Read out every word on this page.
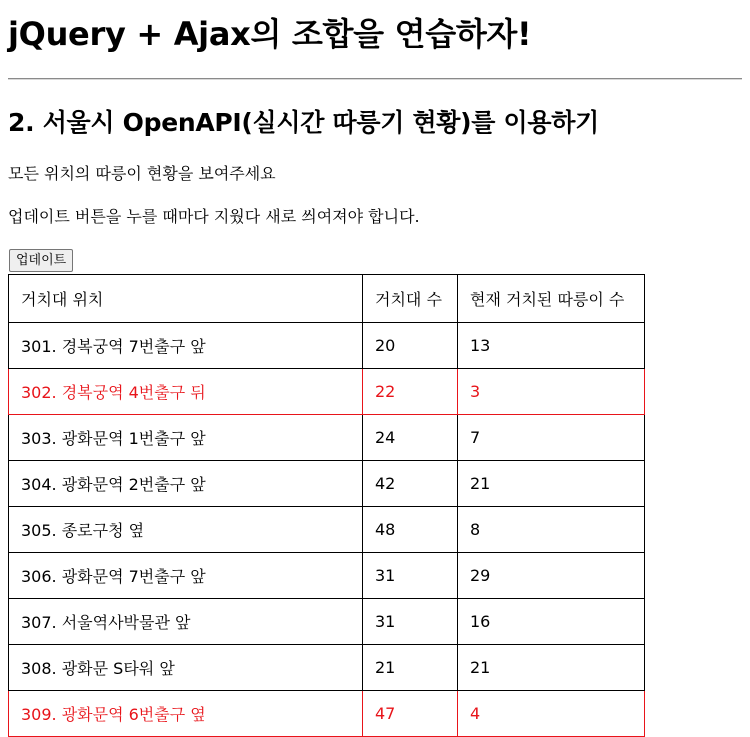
jQuery + Ajax의 조합을 연습하자!
2. 서울시 OpenAPI(실시간 따릉기 현황)를 이용하기

모든 위치의 따릉이 현황을 보여주세요

업데이트 버튼을 누를 때마다 지웠다 새로 씌여져야 합니다.

업데이트
거치대 위치	거치대 수	현재 거치된 따릉이 수
301. 경복궁역 7번출구 앞	20	13
302. 경복궁역 4번출구 뒤	22	3
303. 광화문역 1번출구 앞	24	7
304. 광화문역 2번출구 앞	42	21
305. 종로구청 옆	48	8
306. 광화문역 7번출구 앞	31	29
307. 서울역사박물관 앞	31	16
308. 광화문 S타워 앞	21	21
309. 광화문역 6번출구 옆	47	4
